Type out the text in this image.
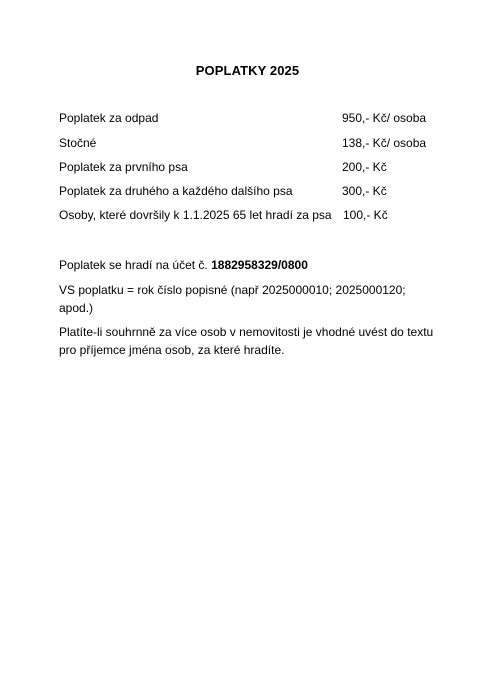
POPLATKY 2025
Poplatek za odpad	950,- Kč/ osoba
Stočné	138,- Kč/ osoba
Poplatek za prvního psa	200,- Kč
Poplatek za druhého a každého dalšího psa	300,- Kč
Osoby, které dovršily k 1.1.2025 65 let hradí za psa 100,- Kč
Poplatek se hradí na účet č. 1882958329/0800
VS poplatku = rok číslo popisné (např 2025000010; 2025000120; apod.)
Platíte-li souhrnně za více osob v nemovitosti je vhodné uvést do textu pro příjemce jména osob, za které hradíte.
